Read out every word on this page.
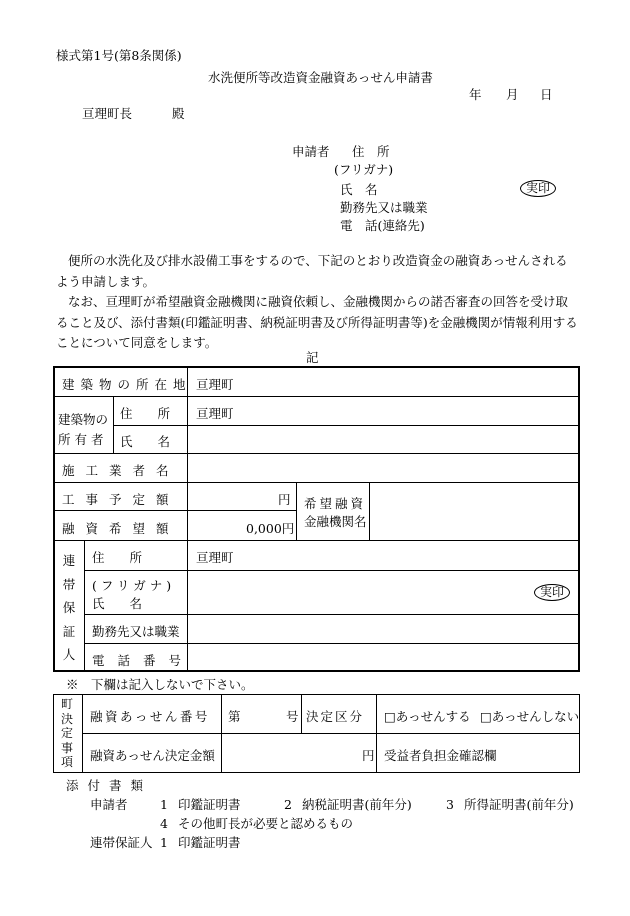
様式第1号(第8条関係)
水洗便所等改造資金融資あっせん申請書
年 月 日
亘理町長	殿
申請者 住　所
(フリガナ)
氏　名	実印
勤務先又は職業
電　話(連絡先)
便所の水洗化及び排水設備工事をするので、下記のとおり改造資金の融資あっせんされるよう申請します。
なお、亘理町が希望融資金融機関に融資依頼し、金融機関からの諾否審査の回答を受け取ること及び、添付書類(印鑑証明書、納税証明書及び所得証明書等)を金融機関が情報利用することについて同意をします。
記
建築物の所在地 亘理町
建築物の
所 有 者
住　　所 亘理町
氏　　名
施工業者名
工事予定額	円 希望融資
金融機関名
融資希望額	0,000円
連帯保証人
住　　所	亘理町
(フリガナ)
氏　　名
実印
勤務先又は職業
電話番号
※　下欄は記入しないで下さい。
町決定事項
融資あっせん番号 第	号 決定区分 □あっせんする □あっせんしない
融資あっせん決定金額	円 受益者負担金確認欄
添付書類
申請者	1 印鑑証明書	2 納税証明書(前年分)	3 所得証明書(前年分)
4 その他町長が必要と認めるもの
連帯保証人 1 印鑑証明書
